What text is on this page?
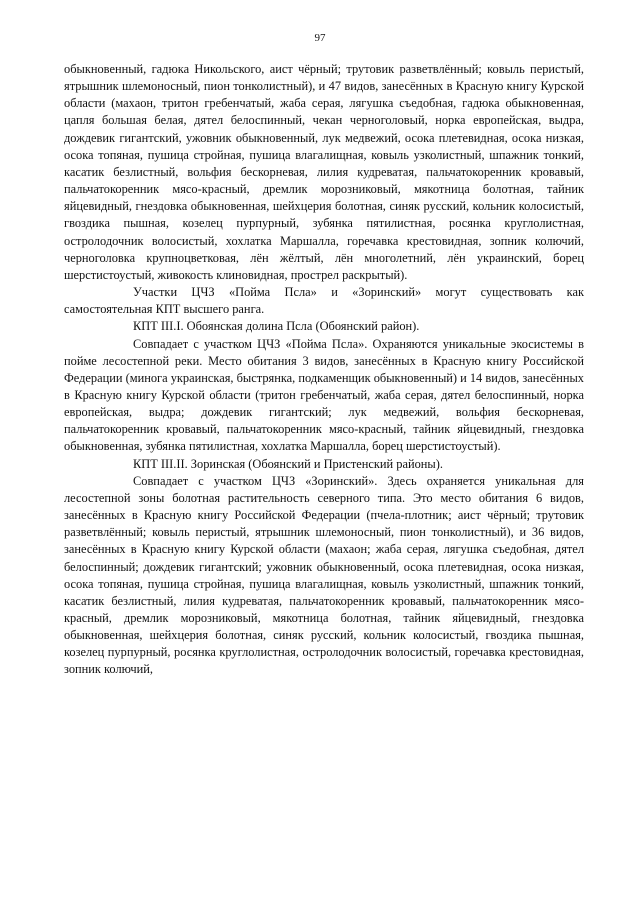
97

обыкновенный, гадюка Никольского, аист чёрный; трутовик разветвлённый; ковыль перистый, ятрышник шлемоносный, пион тонколистный), и 47 видов, занесённых в Красную книгу Курской области (махаон, тритон гребенчатый, жаба серая, лягушка съедобная, гадюка обыкновенная, цапля большая белая, дятел белоспинный, чекан черноголовый, норка европейская, выдра, дождевик гигантский, ужовник обыкновенный, лук медвежий, осока плетевидная, осока низкая, осока топяная, пушица стройная, пушица влагалищная, ковыль узколистный, шпажник тонкий, касатик безлистный, вольфия бескорневая, лилия кудреватая, пальчатокоренник кровавый, пальчатокоренник мясо-красный, дремлик морозниковый, мякотница болотная, тайник яйцевидный, гнездовка обыкновенная, шейхцерия болотная, синяк русский, кольник колосистый, гвоздика пышная, козелец пурпурный, зубянка пятилистная, росянка круглолистная, остролодочник волосистый, хохлатка Маршалла, горечавка крестовидная, зопник колючий, черноголовка крупноцветковая, лён жёлтый, лён многолетний, лён украинский, борец шерстистоустый, живокость клиновидная, прострел раскрытый).

Участки ЦЧЗ «Пойма Псла» и «Зоринский» могут существовать как самостоятельная КПТ высшего ранга.

КПТ III.I. Обоянская долина Псла (Обоянский район).

Совпадает с участком ЦЧЗ «Пойма Псла». Охраняются уникальные экосистемы в пойме лесостепной реки. Место обитания 3 видов, занесённых в Красную книгу Российской Федерации (минога украинская, быстрянка, подкаменщик обыкновенный) и 14 видов, занесённых в Красную книгу Курской области (тритон гребенчатый, жаба серая, дятел белоспинный, норка европейская, выдра; дождевик гигантский; лук медвежий, вольфия бескорневая, пальчатокоренник кровавый, пальчатокоренник мясо-красный, тайник яйцевидный, гнездовка обыкновенная, зубянка пятилистная, хохлатка Маршалла, борец шерстистоустый).

КПТ III.II. Зоринская (Обоянский и Пристенский районы).

Совпадает с участком ЦЧЗ «Зоринский». Здесь охраняется уникальная для лесостепной зоны болотная растительность северного типа. Это место обитания 6 видов, занесённых в Красную книгу Российской Федерации (пчела-плотник; аист чёрный; трутовик разветвлённый; ковыль перистый, ятрышник шлемоносный, пион тонколистный), и 36 видов, занесённых в Красную книгу Курской области (махаон; жаба серая, лягушка съедобная, дятел белоспинный; дождевик гигантский; ужовник обыкновенный, осока плетевидная, осока низкая, осока топяная, пушица стройная, пушица влагалищная, ковыль узколистный, шпажник тонкий, касатик безлистный, лилия кудреватая, пальчатокоренник кровавый, пальчатокоренник мясо-красный, дремлик морозниковый, мякотница болотная, тайник яйцевидный, гнездовка обыкновенная, шейхцерия болотная, синяк русский, кольник колосистый, гвоздика пышная, козелец пурпурный, росянка круглолистная, остролодочник волосистый, горечавка крестовидная, зопник колючий,
